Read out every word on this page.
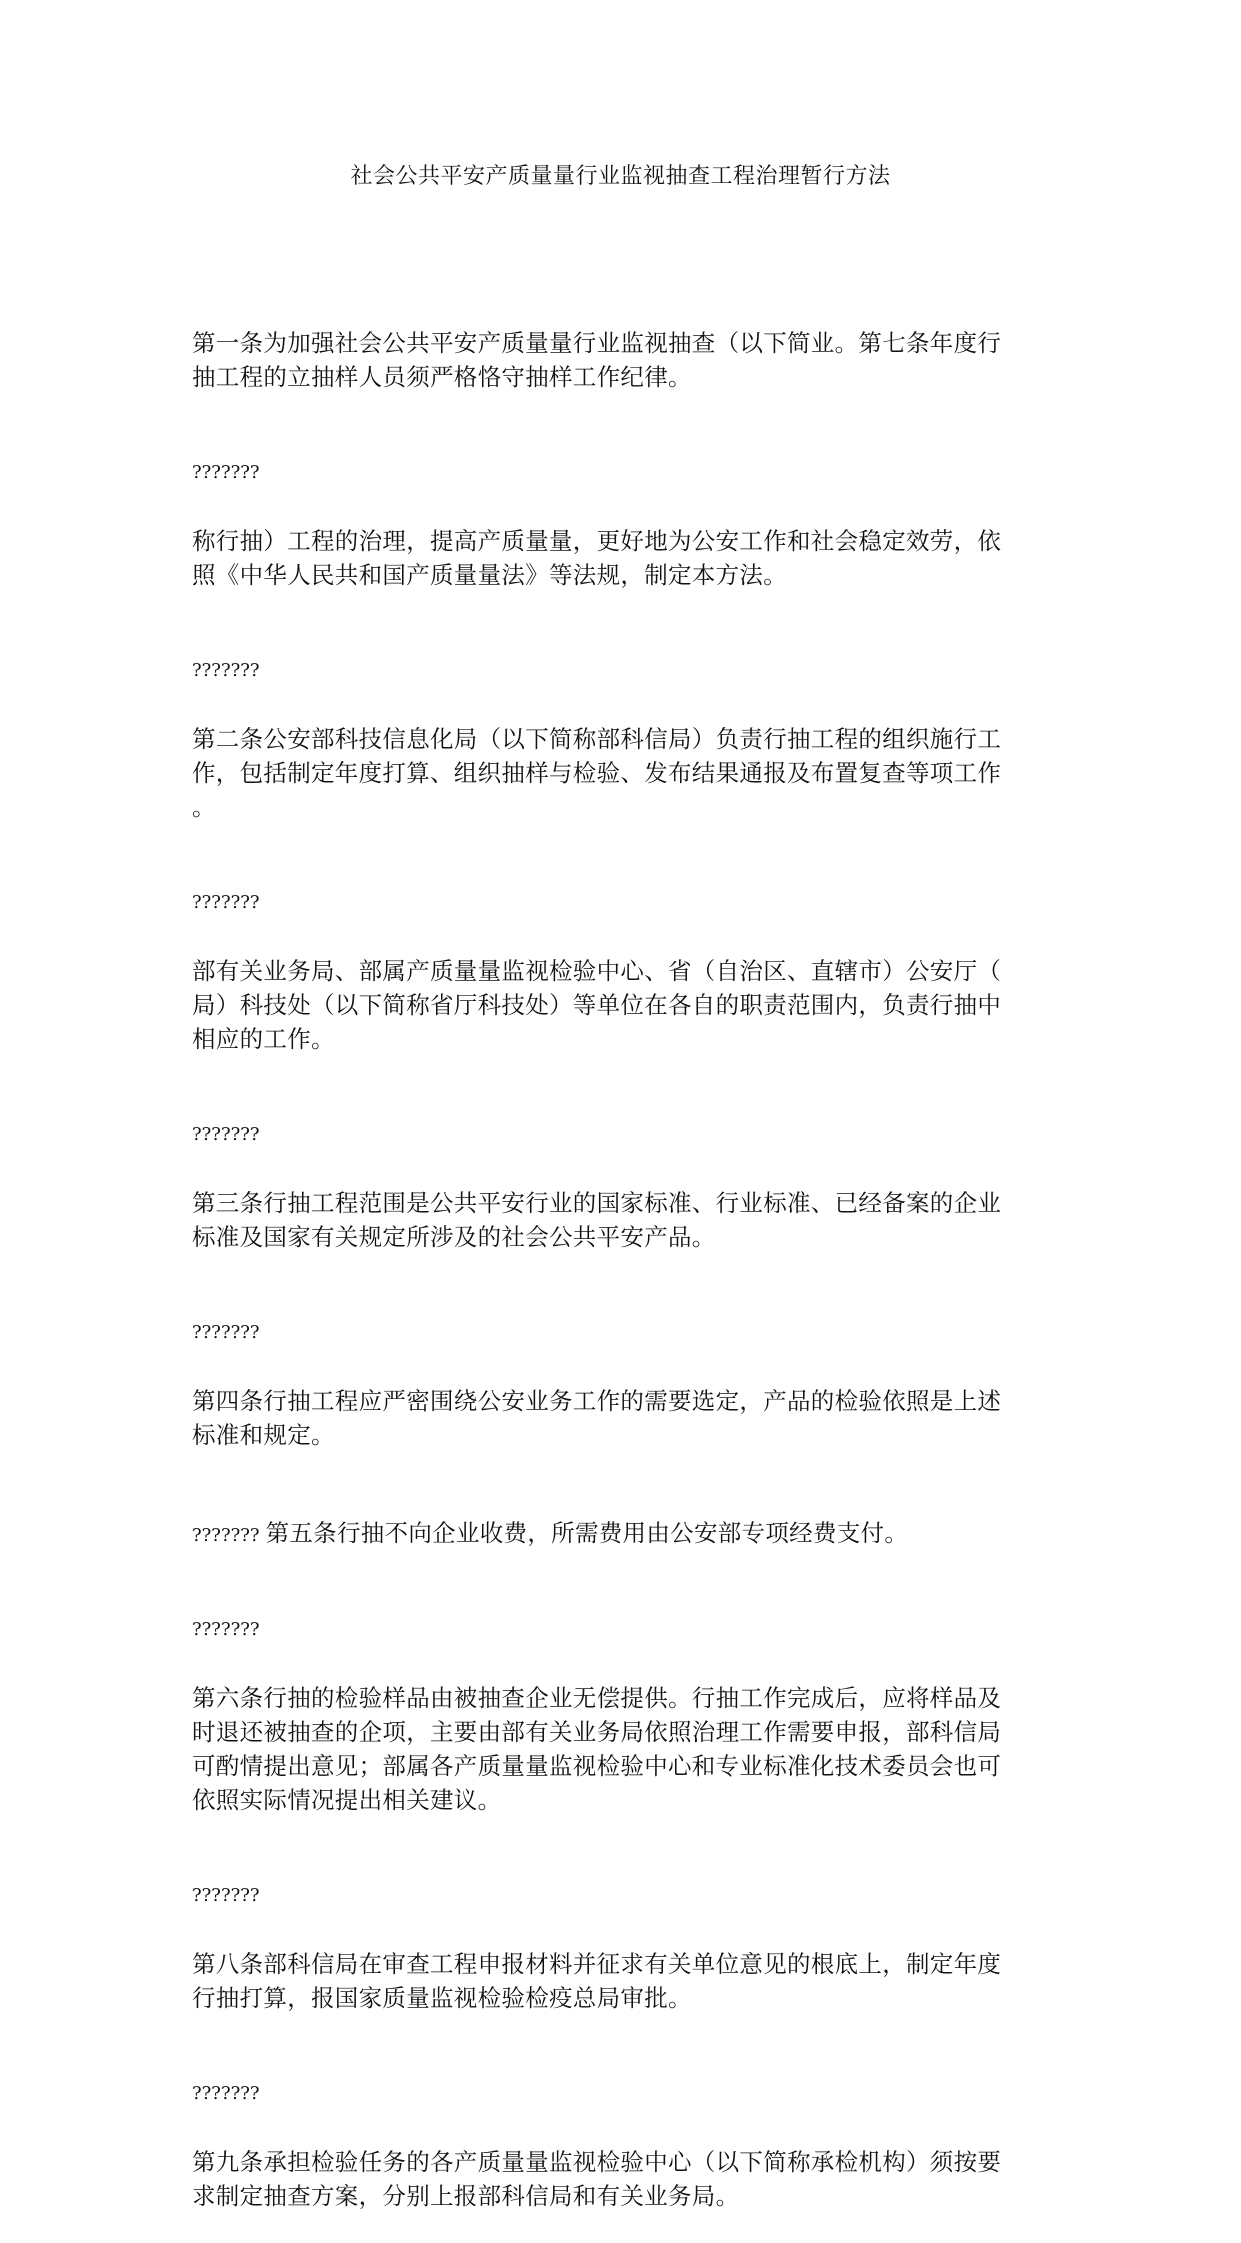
社会公共平安产质量量行业监视抽查工程治理暂行方法

第一条为加强社会公共平安产质量量行业监视抽查（以下简业。第七条年度行
抽工程的立抽样人员须严格恪守抽样工作纪律。

???????

称行抽）工程的治理，提高产质量量，更好地为公安工作和社会稳定效劳，依
照《中华人民共和国产质量量法》等法规，制定本方法。

???????

第二条公安部科技信息化局（以下简称部科信局）负责行抽工程的组织施行工
作，包括制定年度打算、组织抽样与检验、发布结果通报及布置复查等项工作
。

???????

部有关业务局、部属产质量量监视检验中心、省（自治区、直辖市）公安厅（
局）科技处（以下简称省厅科技处）等单位在各自的职责范围内，负责行抽中
相应的工作。

???????

第三条行抽工程范围是公共平安行业的国家标准、行业标准、已经备案的企业
标准及国家有关规定所涉及的社会公共平安产品。

???????

第四条行抽工程应严密围绕公安业务工作的需要选定，产品的检验依照是上述
标准和规定。

??????? 第五条行抽不向企业收费，所需费用由公安部专项经费支付。

???????

第六条行抽的检验样品由被抽查企业无偿提供。行抽工作完成后，应将样品及
时退还被抽查的企项，主要由部有关业务局依照治理工作需要申报，部科信局
可酌情提出意见；部属各产质量量监视检验中心和专业标准化技术委员会也可
依照实际情况提出相关建议。

???????

第八条部科信局在审查工程申报材料并征求有关单位意见的根底上，制定年度
行抽打算，报国家质量监视检验检疫总局审批。

???????

第九条承担检验任务的各产质量量监视检验中心（以下简称承检机构）须按要
求制定抽查方案，分别上报部科信局和有关业务局。
